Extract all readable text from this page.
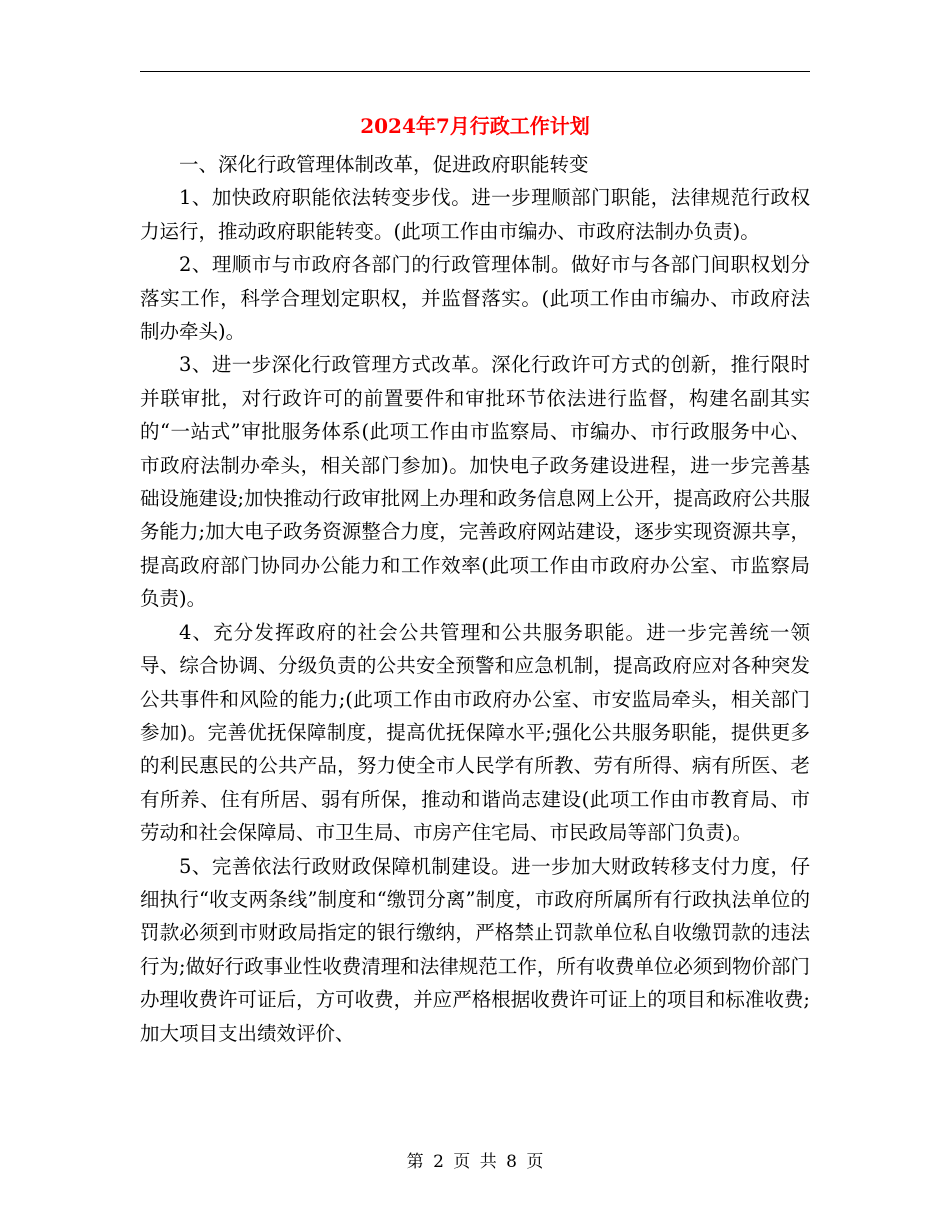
2024年7月行政工作计划

一、深化行政管理体制改革，促进政府职能转变

1、加快政府职能依法转变步伐。进一步理顺部门职能，法律规范行政权力运行，推动政府职能转变。(此项工作由市编办、市政府法制办负责)。

2、理顺市与市政府各部门的行政管理体制。做好市与各部门间职权划分落实工作，科学合理划定职权，并监督落实。(此项工作由市编办、市政府法制办牵头)。

3、进一步深化行政管理方式改革。深化行政许可方式的创新，推行限时并联审批，对行政许可的前置要件和审批环节依法进行监督，构建名副其实的“一站式”审批服务体系(此项工作由市监察局、市编办、市行政服务中心、市政府法制办牵头，相关部门参加)。加快电子政务建设进程，进一步完善基础设施建设;加快推动行政审批网上办理和政务信息网上公开，提高政府公共服务能力;加大电子政务资源整合力度，完善政府网站建设，逐步实现资源共享，提高政府部门协同办公能力和工作效率(此项工作由市政府办公室、市监察局负责)。

4、充分发挥政府的社会公共管理和公共服务职能。进一步完善统一领导、综合协调、分级负责的公共安全预警和应急机制，提高政府应对各种突发公共事件和风险的能力;(此项工作由市政府办公室、市安监局牵头，相关部门参加)。完善优抚保障制度，提高优抚保障水平;强化公共服务职能，提供更多的利民惠民的公共产品，努力使全市人民学有所教、劳有所得、病有所医、老有所养、住有所居、弱有所保，推动和谐尚志建设(此项工作由市教育局、市劳动和社会保障局、市卫生局、市房产住宅局、市民政局等部门负责)。

5、完善依法行政财政保障机制建设。进一步加大财政转移支付力度，仔细执行“收支两条线”制度和“缴罚分离”制度，市政府所属所有行政执法单位的罚款必须到市财政局指定的银行缴纳，严格禁止罚款单位私自收缴罚款的违法行为;做好行政事业性收费清理和法律规范工作，所有收费单位必须到物价部门办理收费许可证后，方可收费，并应严格根据收费许可证上的项目和标准收费;加大项目支出绩效评价、

第 2 页 共 8 页
